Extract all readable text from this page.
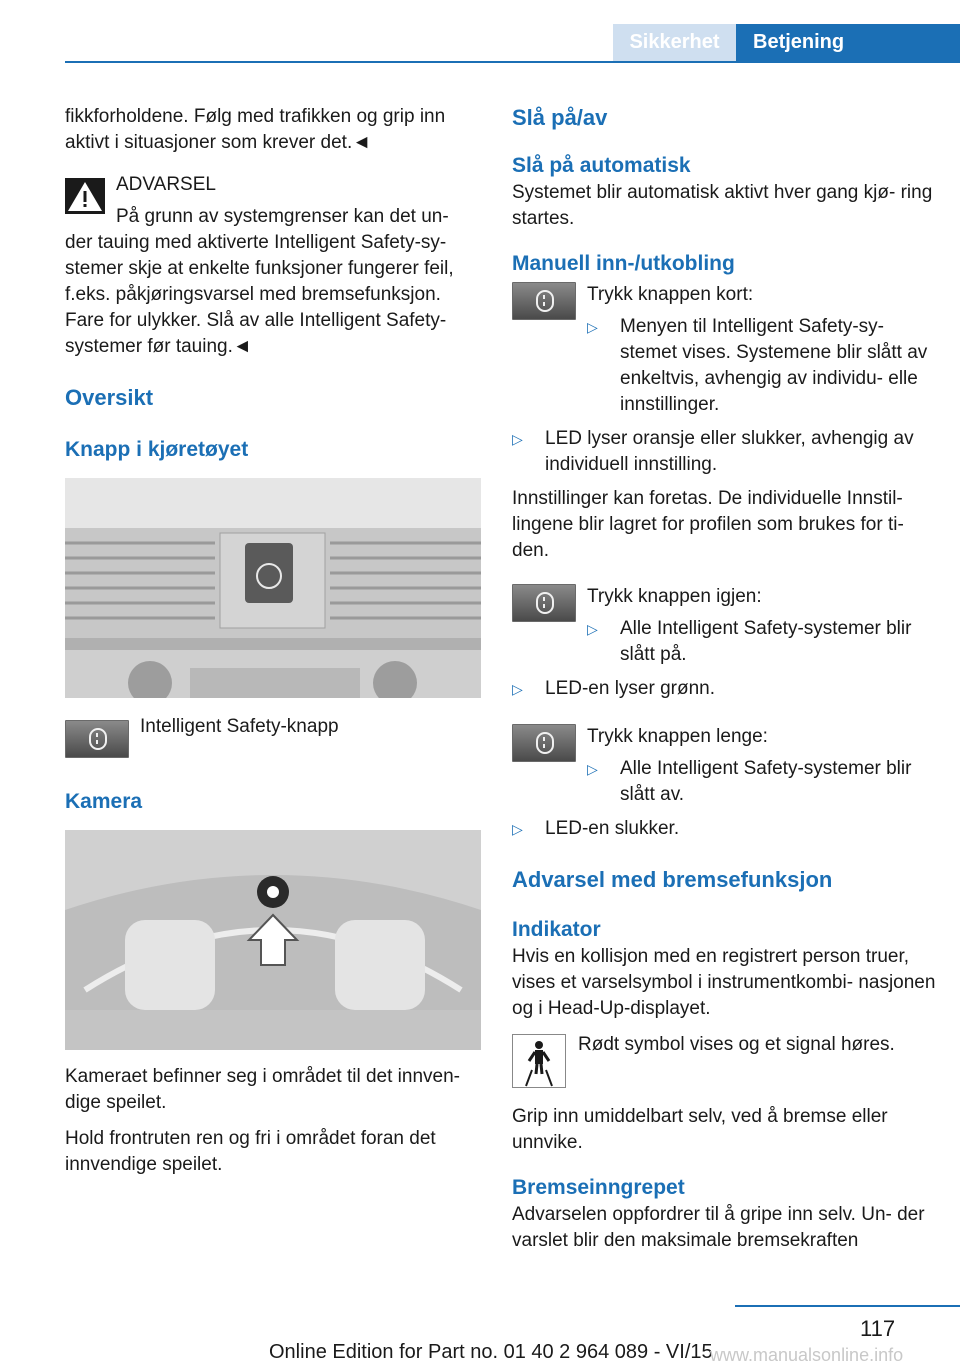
Sikkerhet	Betjening

fikkforholdene. Følg med trafikken og grip inn aktivt i situasjoner som krever det.◄

ADVARSEL

På grunn av systemgrenser kan det un‐

der tauing med aktiverte Intelligent Safety-sy‐ stemer skje at enkelte funksjoner fungerer feil, f.eks. påkjøringsvarsel med bremsefunksjon. Fare for ulykker. Slå av alle Intelligent Safety- systemer før tauing.◄

Oversikt
Knapp i kjøretøyet

Intelligent Safety-knapp

Kamera

Kameraet befinner seg i området til det innven‐ dige speilet.

Hold frontruten ren og fri i området foran det innvendige speilet.

Slå på/av
Slå på automatisk

Systemet blir automatisk aktivt hver gang kjø‐ ring startes.

Manuell inn-/utkobling

Trykk knappen kort:

▷ Menyen til Intelligent Safety-sy‐ stemet vises. Systemene blir slått av enkeltvis, avhengig av individu‐ elle innstillinger.
▷ LED lyser oransje eller slukker, avhengig av individuell innstilling.

Innstillinger kan foretas. De individuelle Innstil‐ lingene blir lagret for profilen som brukes for ti‐ den.

Trykk knappen igjen:

▷ Alle Intelligent Safety-systemer blir slått på.
▷ LED-en lyser grønn.

Trykk knappen lenge:

▷ Alle Intelligent Safety-systemer blir slått av.
▷ LED-en slukker.
Advarsel med bremsefunksjon
Indikator

Hvis en kollisjon med en registrert person truer, vises et varselsymbol i instrumentkombi‐ nasjonen og i Head-Up-displayet.

Rødt symbol vises og et signal høres.

Grip inn umiddelbart selv, ved å bremse eller unnvike.

Bremseinngrepet

Advarselen oppfordrer til å gripe inn selv. Un‐ der varslet blir den maksimale bremsekraften

117
Online Edition for Part no. 01 40 2 964 089 - VI/15
www.manualsonline.info
